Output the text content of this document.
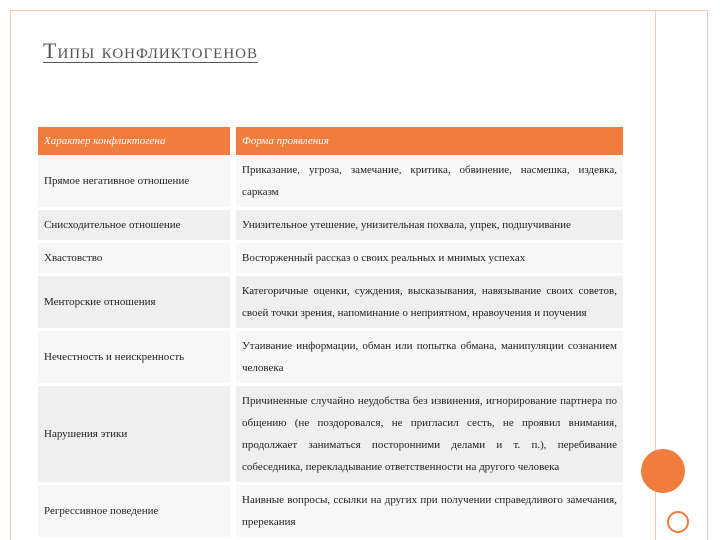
Типы конфликтогенов
Характер конфликтогена	Форма проявления
Прямое негативное отношение	Приказание, угроза, замечание, критика, обвинение, насмешка, издевка, сарказм
Снисходительное отношение	Унизительное утешение, унизительная похвала, упрек, подшучивание
Хвастовство	Восторженный рассказ о своих реальных и мнимых успехах
Менторские отношения	Категоричные оценки, суждения, высказывания, навязывание своих советов, своей точки зрения, напоминание о неприятном, нравоучения и поучения
Нечестность и неискренность	Утаивание информации, обман или попытка обмана, манипуляции сознанием человека
Нарушения этики	Причиненные случайно неудобства без извинения, игнорирование партнера по общению (не поздоровался, не пригласил сесть, не проявил внимания, продолжает заниматься посторонними делами и т. п.), перебивание собеседника, перекладывание ответственности на другого человека
Регрессивное поведение	Наивные вопросы, ссылки на других при получении справедливого замечания, пререкания
